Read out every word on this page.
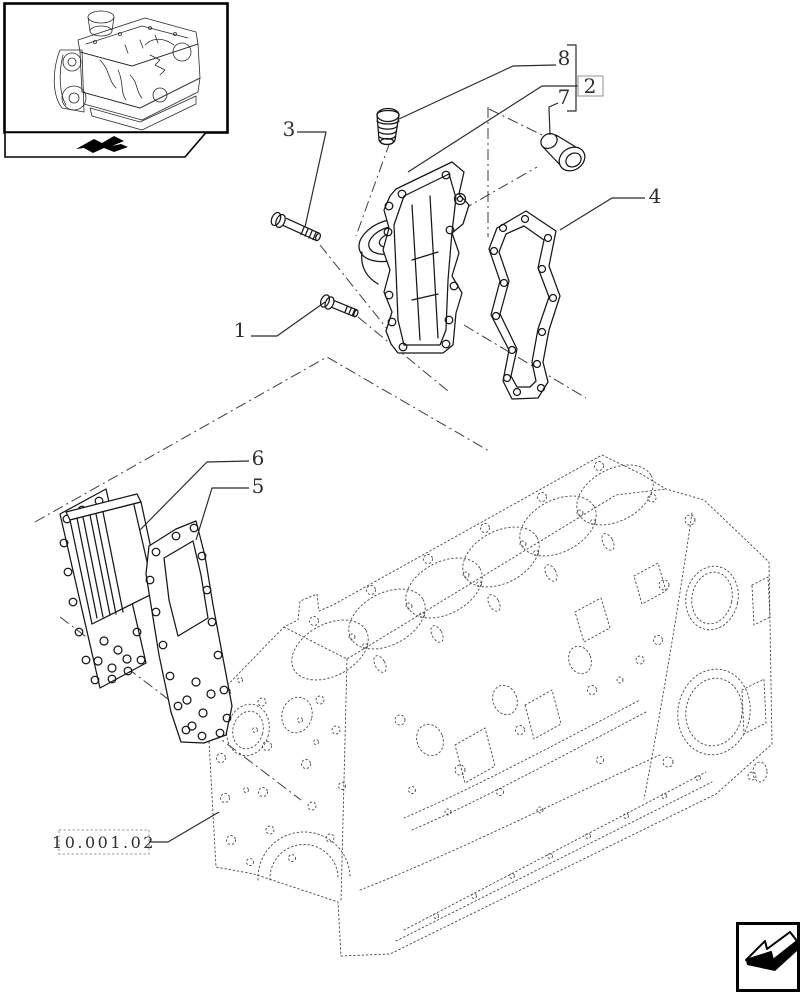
1
2
3
4
5
6
7
8
10.001.02
